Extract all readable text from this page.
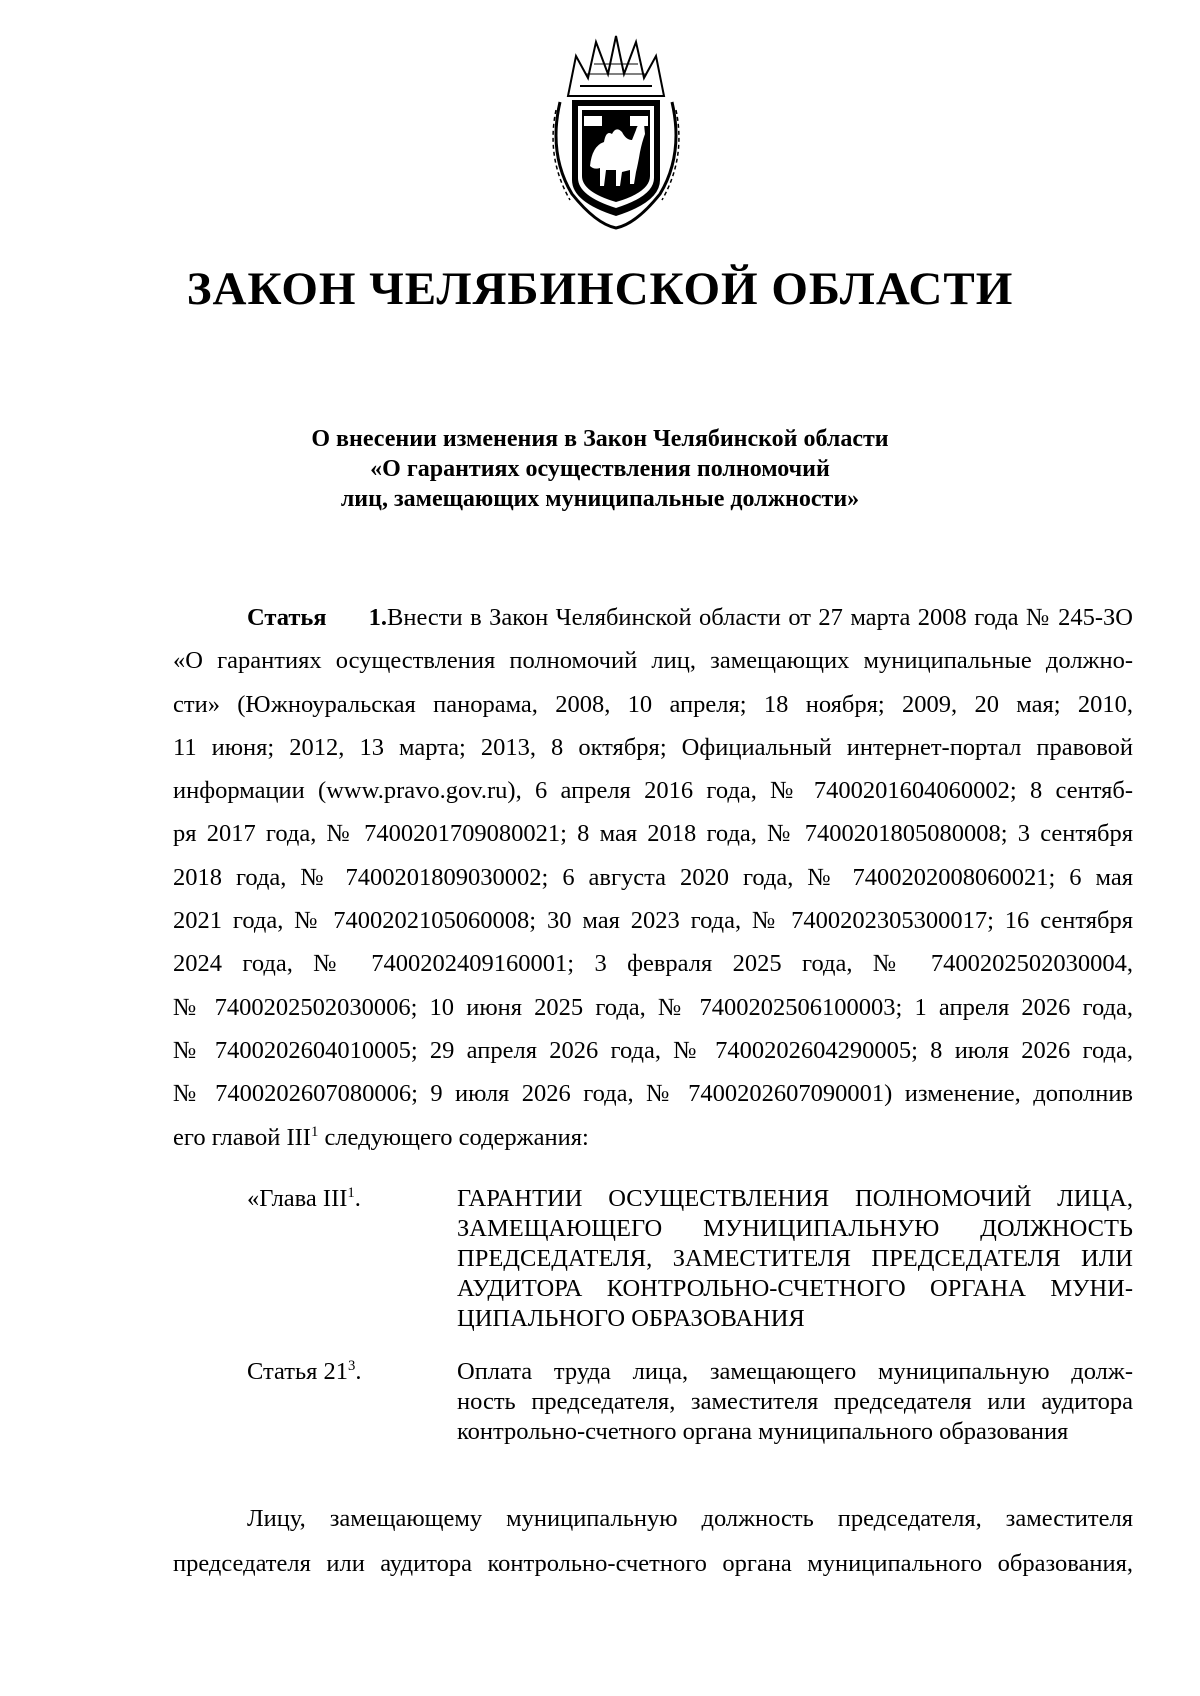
ЗАКОН ЧЕЛЯБИНСКОЙ ОБЛАСТИ
О внесении изменения в Закон Челябинской области
«О гарантиях осуществления полномочий
лиц, замещающих муниципальные должности»
Статья 1.Внести в Закон Челябинской области от 27 марта 2008 года № 245-ЗО
«О гарантиях осуществления полномочий лиц, замещающих муниципальные должно-
сти» (Южноуральская панорама, 2008, 10 апреля; 18 ноября; 2009, 20 мая; 2010,
11 июня; 2012, 13 марта; 2013, 8 октября; Официальный интернет-портал правовой
информации (www.pravo.gov.ru), 6 апреля 2016 года, № 7400201604060002; 8 сентяб-
ря 2017 года, № 7400201709080021; 8 мая 2018 года, № 7400201805080008; 3 сентября
2018 года, № 7400201809030002; 6 августа 2020 года, № 7400202008060021; 6 мая
2021 года, № 7400202105060008; 30 мая 2023 года, № 7400202305300017; 16 сентября
2024 года, № 7400202409160001; 3 февраля 2025 года, № 7400202502030004,
№ 7400202502030006; 10 июня 2025 года, № 7400202506100003; 1 апреля 2026 года,
№ 7400202604010005; 29 апреля 2026 года, № 7400202604290005; 8 июля 2026 года,
№ 7400202607080006; 9 июля 2026 года, № 7400202607090001) изменение, дополнив
его главой III$^1$ следующего содержания:
«Глава III$^1$.	ГАРАНТИИ ОСУЩЕСТВЛЕНИЯ ПОЛНОМОЧИЙ ЛИЦА,
ЗАМЕЩАЮЩЕГО МУНИЦИПАЛЬНУЮ ДОЛЖНОСТЬ
ПРЕДСЕДАТЕЛЯ, ЗАМЕСТИТЕЛЯ ПРЕДСЕДАТЕЛЯ ИЛИ
АУДИТОРА КОНТРОЛЬНО-СЧЕТНОГО ОРГАНА МУНИ-
ЦИПАЛЬНОГО ОБРАЗОВАНИЯ
Статья $21^3$.	Оплата труда лица, замещающего муниципальную долж-
ность председателя, заместителя председателя или аудитора
контрольно-счетного органа муниципального образования
Лицу, замещающему муниципальную должность председателя, заместителя
председателя или аудитора контрольно-счетного органа муниципального образования,
